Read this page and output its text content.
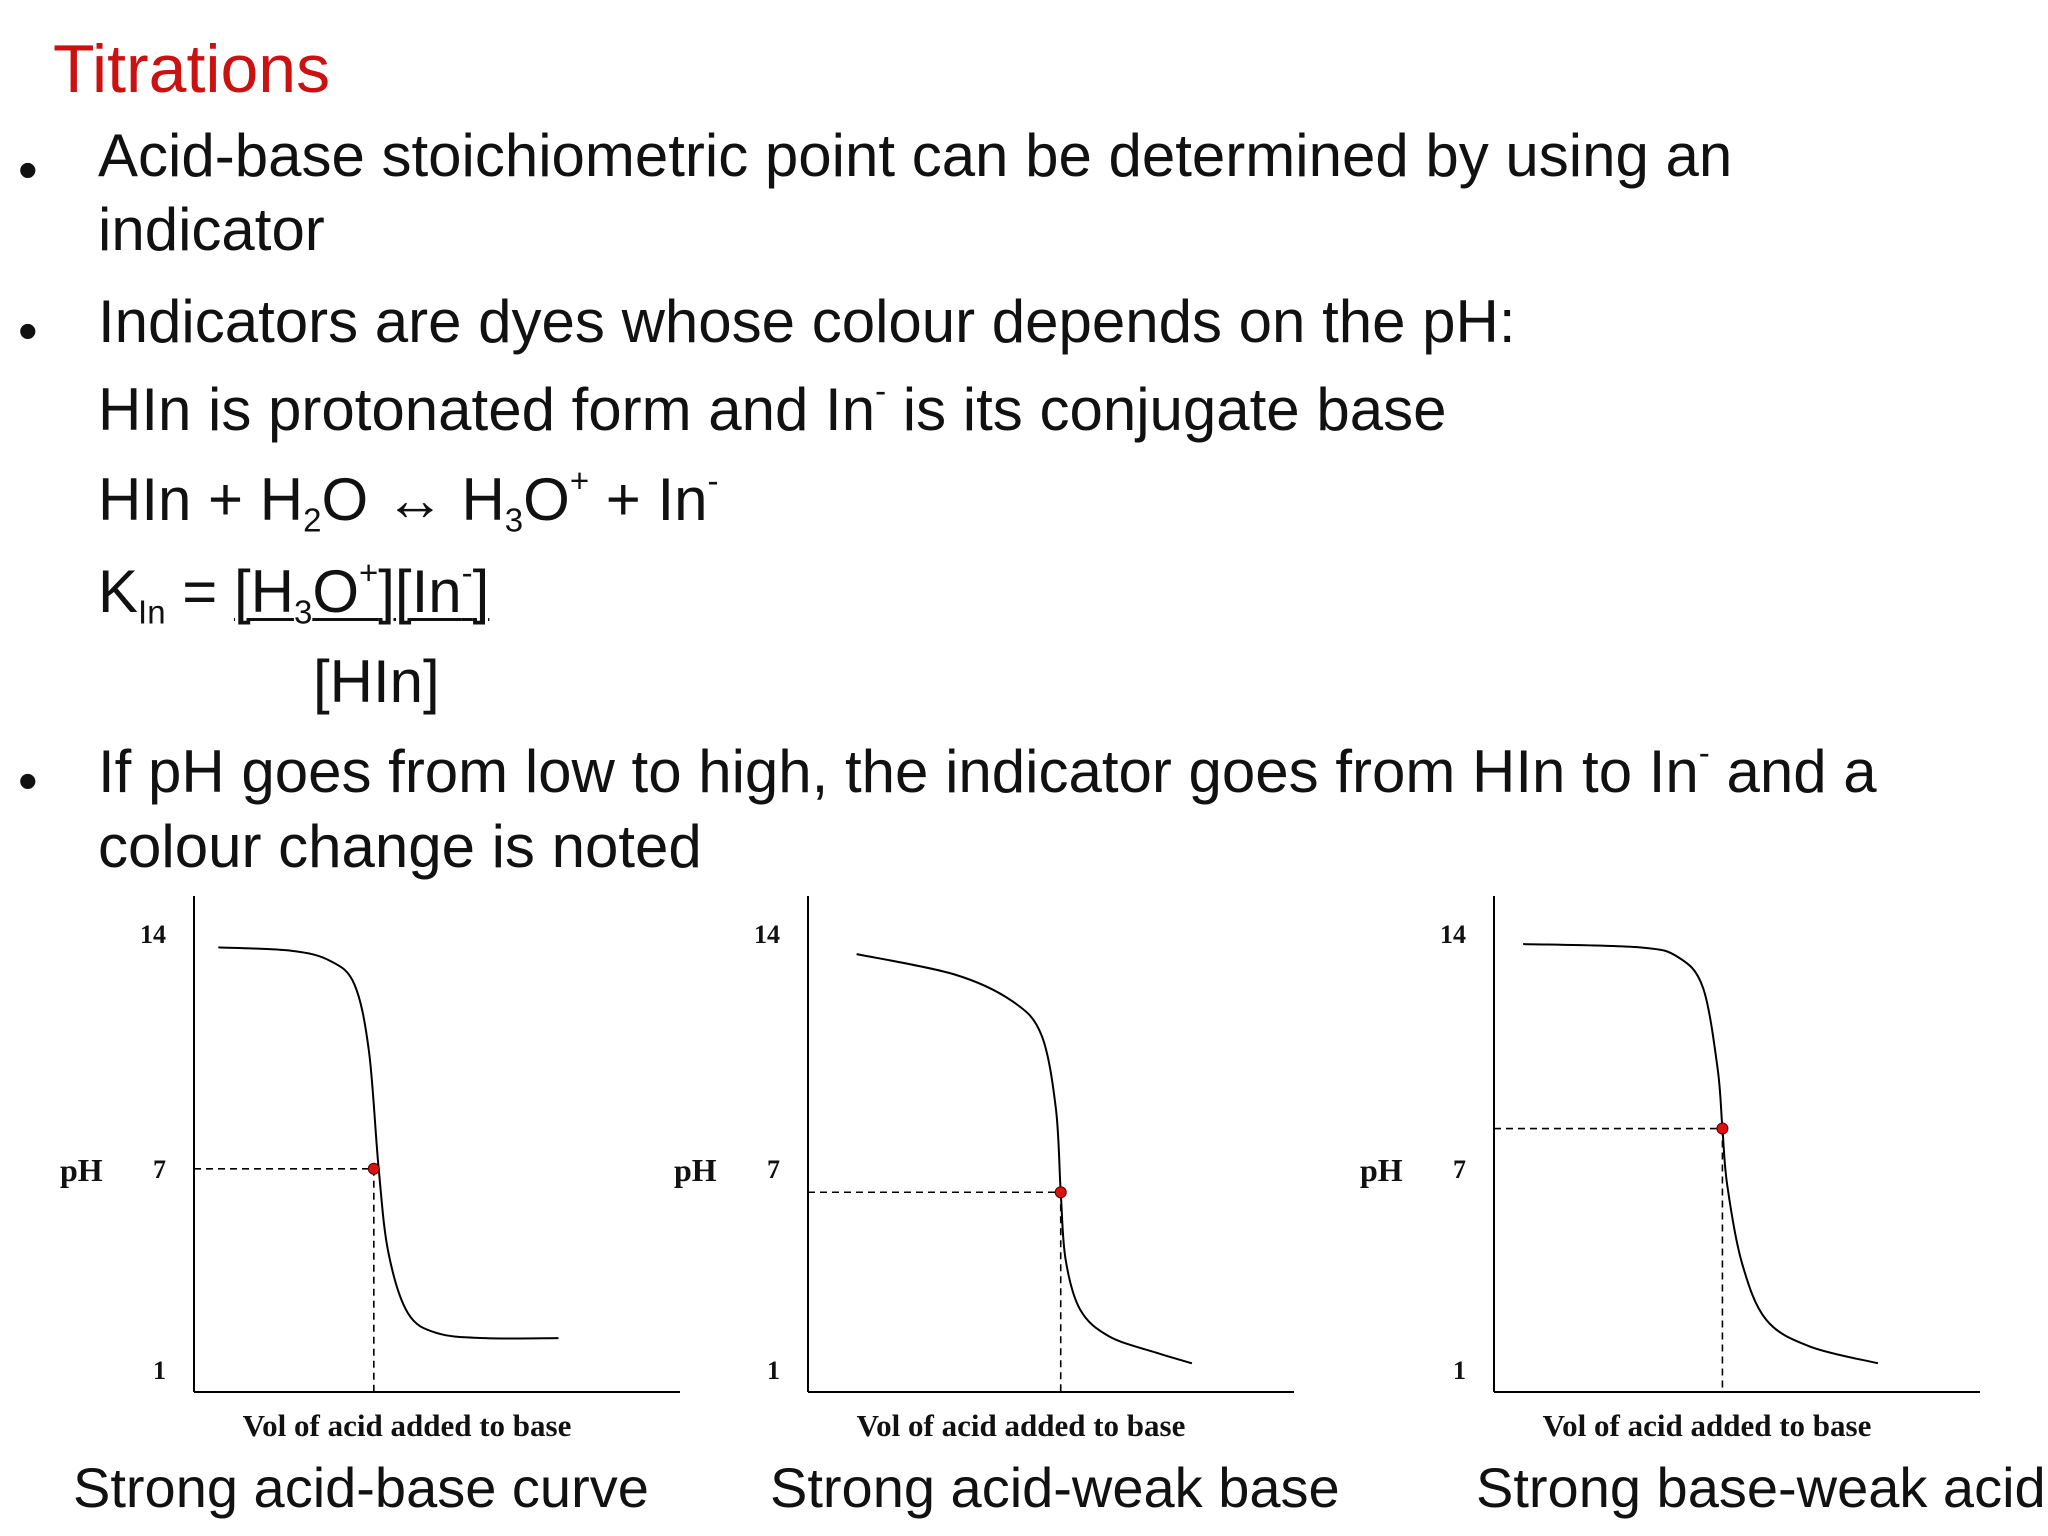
Titrations
• Acid-base stoichiometric point can be determined by using an
indicator
• Indicators are dyes whose colour depends on the pH:
HIn is protonated form and In- is its conjugate base
HIn + $H_2O$ ↔ $H_3O^+ + In^-$
$K_{In} = [H_3O^+][In^-]$
[HIn]
• If pH goes from low to high, the indicator goes from HIn to In- and a
colour change is noted
14
7
1
pH
Vol of acid added to base
14
7
1
pH
Vol of acid added to base
14
7
1
pH
Vol of acid added to base
Strong acid-base curve Strong acid-weak base Strong base-weak acid
